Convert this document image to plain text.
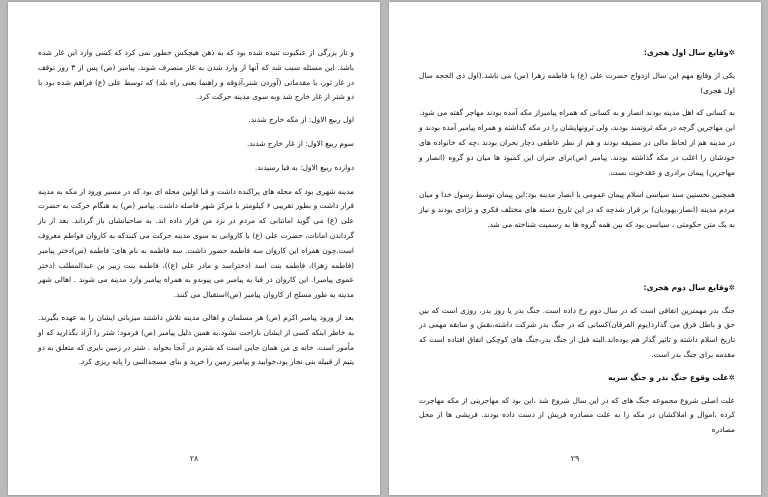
و تار بزرگی از عنکبوت تنیده شده بود که به ذهن هیچکس خطور نمی کرد که کسی وارد این غار شده باشد. این مسئله سبب شد که آنها از وارد شدن به غار منصرف شوند. پیامبر (ص) پس از ۳ روز توقف در غار ثور، با مقدماتی (آوردن شتر،آذوقه و راهنما یعنی راه بلد) که توسط علی (ع) فراهم شده بود با دو شتر از غار خارج شد وبه سوی مدینه حرکت کرد.

اول ربیع الاول: از مکه خارج شدند.

سوم ربیع الاول: از غار خارج شدند.

دوازده ربیع الاول: به قبا رسیدند.

مدینه شهری بود که محله های پراکنده داشت و قبا اولین محله ای بود که در مسیر ورود از مکه به مدینه قرار داشت و بطور تقریبی ۶ کیلومتر با مرکز شهر فاصله داشت. پیامبر (ص) به هنگام حرکت به حضرت علی (ع) می گوید امانتانی که مردم در نزد من قرار داده اند. به صاحبانشان باز گرداند. بعد از باز گرداندن امانات، حضرت علی (ع) با کاروانی به سوی مدینه حرکت می کنندکه به کاروان فواطم معروف است.چون همراه این کاروان سه فاطمه حضور داشت. سه فاطمه به نام های: فاطمه (س)دختر پیامبر (فاطمه زهرا)، فاطمه بنت اسد (دختراسد و مادر علی (ع))، فاطمه بنت زبیر بن عبدالمطلب (دختر عموی پیامبر). این کاروان در قبا به پیامبر می پیوندو به همراه پیامبر وارد مدینه می شوند . اهالی شهر مدینه به طور مسلح از کاروان پیامبر (ص)استقبال می کنند.

بعد از ورود پیامبر اکرم (ص) هر مسلمان و اهالی مدینه تلاش داشتند میزبانی ایشان را به عهده بگیرند. به خاطر اینکه کسی از ایشان ناراحت نشود،به همین دلیل پیامبر (ص) فرمود: شتر را آزاد بگذارید که او مأمور است. خانه ی من همان جایی است که شترم در آنجا بخوابد . شتر در زمین بایری که متعلق به دو یتیم از قبیله بنی نجار بود،خوابید و پیامبر زمین را خرید و بنای مسجدالنبی را پایه ریزی کرد.

۲۸
✲وقایع سال اول هجری:

یکی از وقایع مهم این سال ازدواج حضرت علی (ع) با فاطمه زهرا (س) می باشد.(اول ذی الحجه سال اول هجری)

به کسانی که اهل مدینه بودند انصار و به کسانی که همراه پیامبراز مکه آمده بودند مهاجر گفته می شود. این مهاجرین گرچه در مکه ثروتمند بودند، ولی ثروتهایشان را در مکه گذاشته و همراه پیامبر آمده بودند و در مدینه هم از لحاظ مالی در مضیقه بودند و هم از نظر عاطفی دچار بحران بودند ،چه که خانواده های خودشان را اغلب در مکه گذاشته بودند. پیامبر (ص)برای جبران این کمبود ها میان دو گروه (انصار و مهاجرین) پیمان برادری و عقدخوت بست.

همچنین نخستین سند سیاسی اسلام پیمان عمومی با انصار مدینه بود:این پیمان توسط رسول خدا و میان مردم مدینه (انصار،یهودیان) بر قرار شدچه که در این تاریخ دسته های مختلف فکری و نژادی بودند و نیاز به یک متن حکومتی ، سیاسی بود که بین همه گروه ها به رسمیت شناخته می شد.

✲وقایع سال دوم هجری:

جنگ بدر مهمترین اتفاقی است که در سال دوم رخ داده است. جنگ بدر یا روز بدر، روزی است که بین حق و باطل فرق می گذارد(یوم الفرقان)کسانی که در جنگ بدر شرکت داشته،نقش و سابقه مهمی در تاریخ اسلام داشته و تاثیر گذار هم بوده‌اند.البته قبل از جنگ بدر،جنگ های کوچکی اتفاق افتاده است که مقدمه برای جنگ بدر است.

✲علت وقوع جنگ بدر و جنگ سریه

علت اصلی شروع مجموعه جنگ های که در این سال شروع شد ،این بود که مهاجرینی از مکه مهاجرت کرده ،اموال و املاکشان در مکه را به علت مصادره قریش از دست داده بودند. قریشی ها از محل مصادره

۲۹
